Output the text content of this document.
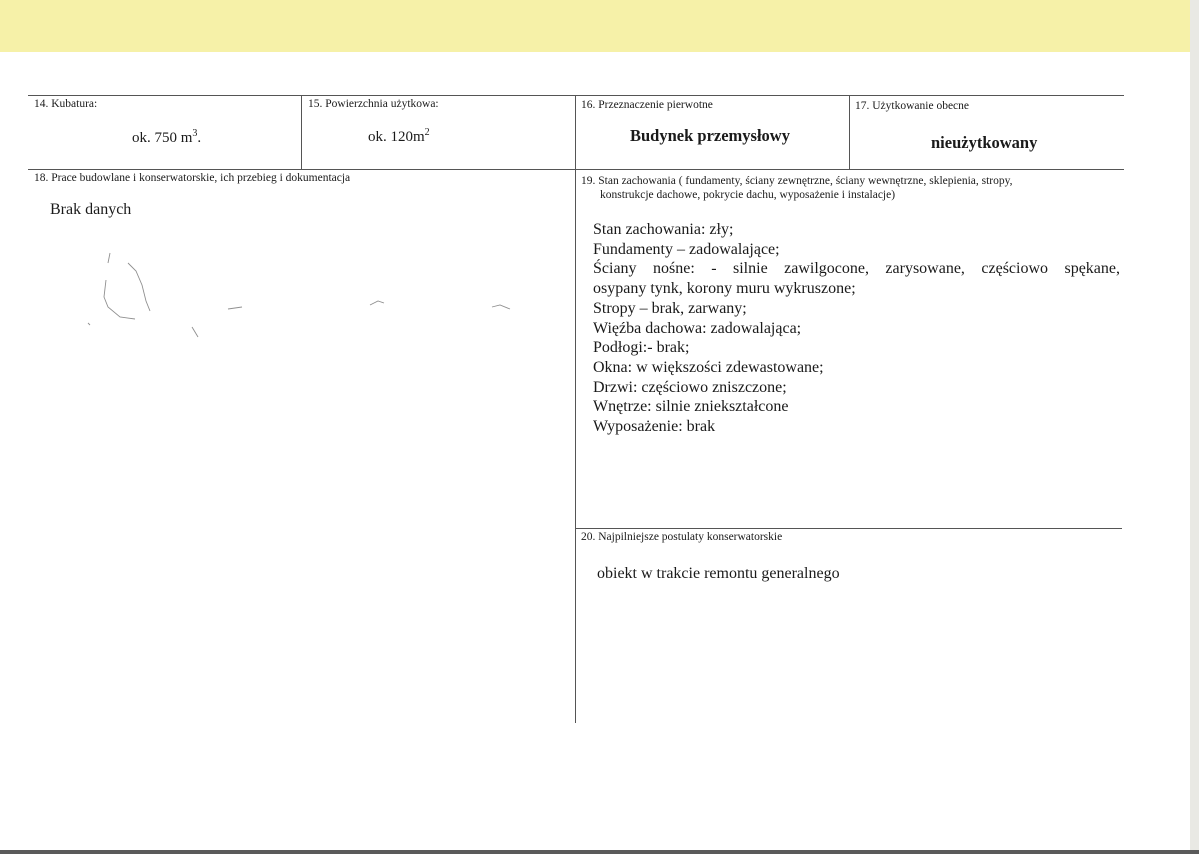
14. Kubatura:
ok. 750 $m^3$.
15. Powierzchnia użytkowa:
ok. $120m^2$
16. Przeznaczenie pierwotne
Budynek przemysłowy
17. Użytkowanie obecne
nieużytkowany
18. Prace budowlane i konserwatorskie, ich przebieg i dokumentacja
Brak danych
19. Stan zachowania ( fundamenty, ściany zewnętrzne, ściany wewnętrzne, sklepienia, stropy,
konstrukcje dachowe, pokrycie dachu, wyposażenie i instalacje)
Stan zachowania: zły;
Fundamenty – zadowalające;
Ściany nośne: - silnie zawilgocone, zarysowane, częściowo spękane,
osypany tynk, korony muru wykruszone;
Stropy – brak, zarwany;
Więźba dachowa: zadowalająca;
Podłogi:- brak;
Okna: w większości zdewastowane;
Drzwi: częściowo zniszczone;
Wnętrze: silnie zniekształcone
Wyposażenie: brak
20. Najpilniejsze postulaty konserwatorskie
obiekt w trakcie remontu generalnego
